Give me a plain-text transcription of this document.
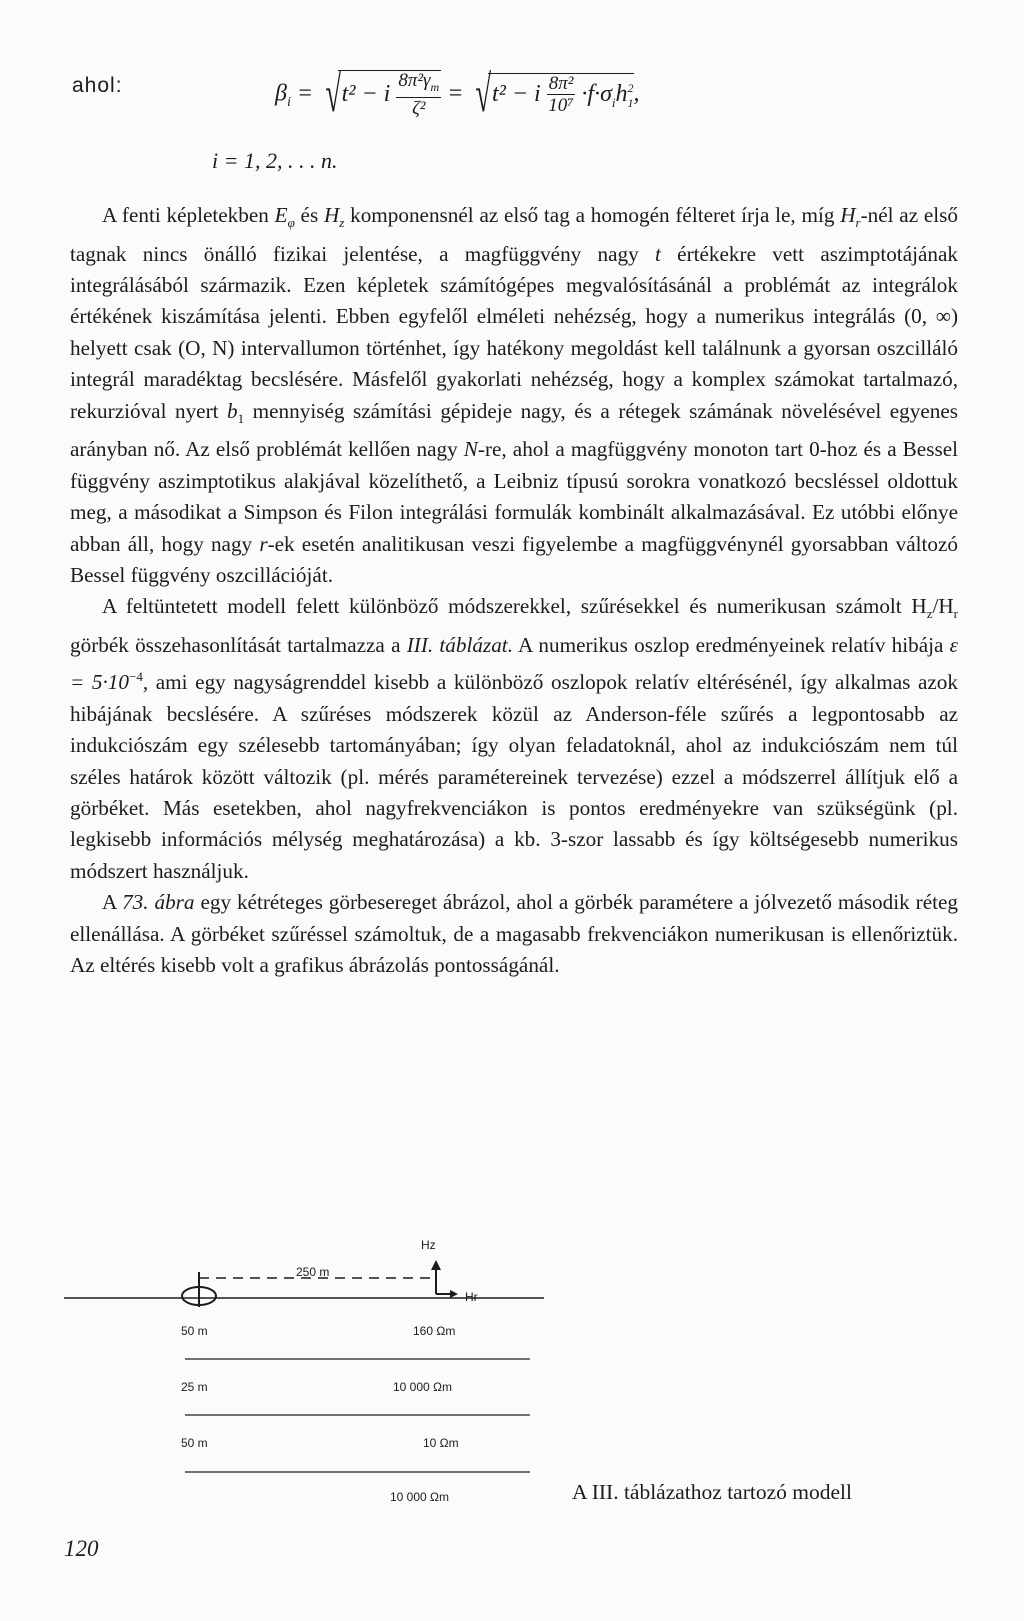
ahol:	$\beta_i = √t^2 - i \frac{8\pi^2\gamma_m}{\text{ζ²}} = √t^2 - i \frac{\text{8π²}}{\text{10⁷}} \cdot f\cdot\sigma_ih^2_1$,
i = 1, 2, . . . n.

A fenti képletekben $E_\varphi$ és $H_z$ komponensnél az első tag a homogén félteret írja le, míg $H_r$-nél az első tagnak nincs önálló fizikai jelentése, a magfüggvény nagy t értékekre vett aszimptotájának integrálásából származik. Ezen képletek számítógépes megvalósításánál a problémát az integrálok értékének kiszámítása jelenti. Ebben egyfelől elméleti nehézség, hogy a numerikus integrálás (0, ∞) helyett csak (O, N) intervallumon történhet, így hatékony megoldást kell találnunk a gyorsan oszcilláló integrál maradéktag becslésére. Másfelől gyakorlati nehézség, hogy a komplex számokat tartalmazó, rekurzióval nyert $b_1$ mennyiség számítási gépideje nagy, és a rétegek számának növelésével egyenes arányban nő. Az első problémát kellően nagy N-re, ahol a magfüggvény monoton tart 0-hoz és a Bessel függvény aszimptotikus alakjával közelíthető, a Leibniz típusú sorokra vonatkozó becsléssel oldottuk meg, a másodikat a Simpson és Filon integrálási formulák kombinált alkalmazásával. Ez utóbbi előnye abban áll, hogy nagy r-ek esetén analitikusan veszi figyelembe a magfüggvénynél gyorsabban változó Bessel függvény oszcillációját.

A feltüntetett modell felett különböző módszerekkel, szűrésekkel és numerikusan számolt $H_z/H_r$ görbék összehasonlítását tartalmazza a III. táblázat. A numerikus oszlop eredményeinek relatív hibája $\varepsilon = 5\cdot 10^{-4}$, ami egy nagyságrenddel kisebb a különböző oszlopok relatív eltérésénél, így alkalmas azok hibájának becslésére. A szűréses módszerek közül az Anderson-féle szűrés a legpontosabb az indukciószám egy szélesebb tartományában; így olyan feladatoknál, ahol az indukciószám nem túl széles határok között változik (pl. mérés paramétereinek tervezése) ezzel a módszerrel állítjuk elő a görbéket. Más esetekben, ahol nagyfrekvenciákon is pontos eredményekre van szükségünk (pl. legkisebb információs mélység meghatározása) a kb. 3-szor lassabb és így költségesebb numerikus módszert használjuk.

A 73. ábra egy kétréteges görbesereget ábrázol, ahol a görbék paramétere a jólvezető második réteg ellenállása. A görbéket szűréssel számoltuk, de a magasabb frekvenciákon numerikusan is ellenőriztük. Az eltérés kisebb volt a grafikus ábrázolás pontosságánál.

250 m
Hz
Hr
50 m	160 Ωm
25 m	10 000 Ωm
50 m	10 Ωm
10 000 Ωm	A III. táblázathoz tartozó modell
120
